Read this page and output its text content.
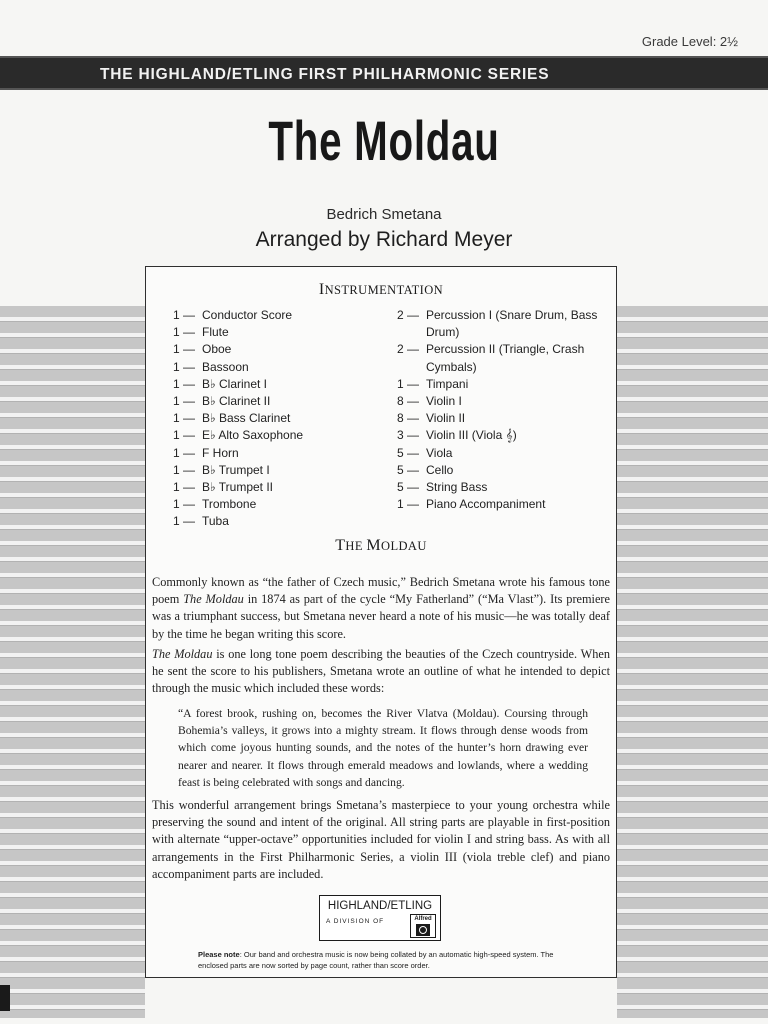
Grade Level: 2½
THE HIGHLAND/ETLING FIRST PHILHARMONIC SERIES
The Moldau
Bedrich Smetana
Arranged by Richard Meyer
INSTRUMENTATION
1 — Conductor Score
1 — Flute
1 — Oboe
1 — Bassoon
1 — B♭ Clarinet I
1 — B♭ Clarinet II
1 — B♭ Bass Clarinet
1 — E♭ Alto Saxophone
1 — F Horn
1 — B♭ Trumpet I
1 — B♭ Trumpet II
1 — Trombone
1 — Tuba
2 — Percussion I (Snare Drum, Bass Drum)
2 — Percussion II (Triangle, Crash Cymbals)
1 — Timpani
8 — Violin I
8 — Violin II
3 — Violin III (Viola 𝄞)
5 — Viola
5 — Cello
5 — String Bass
1 — Piano Accompaniment
THE MOLDAU

Commonly known as “the father of Czech music,” Bedrich Smetana wrote his famous tone poem The Moldau in 1874 as part of the cycle “My Fatherland” (“Ma Vlast”). Its premiere was a triumphant success, but Smetana never heard a note of his music—he was totally deaf by the time he began writing this score.

The Moldau is one long tone poem describing the beauties of the Czech countryside. When he sent the score to his publishers, Smetana wrote an outline of what he intended to depict through the music which included these words:

“A forest brook, rushing on, becomes the River Vlatva (Moldau). Coursing through Bohemia’s valleys, it grows into a mighty stream. It flows through dense woods from which come joyous hunting sounds, and the notes of the hunter’s horn drawing ever nearer and nearer. It flows through emerald meadows and lowlands, where a wedding feast is being celebrated with songs and dancing.

This wonderful arrangement brings Smetana’s masterpiece to your young orchestra while preserving the sound and intent of the original. All string parts are playable in first-position with alternate “upper-octave” opportunities included for violin I and string bass. As with all arrangements in the First Philharmonic Series, a violin III (viola treble clef) and piano accompaniment parts are included.

HIGHLAND/ETLING
A DIVISION OF	Alfred

Please note: Our band and orchestra music is now being collated by an automatic high-speed system. The enclosed parts are now sorted by page count, rather than score order.
